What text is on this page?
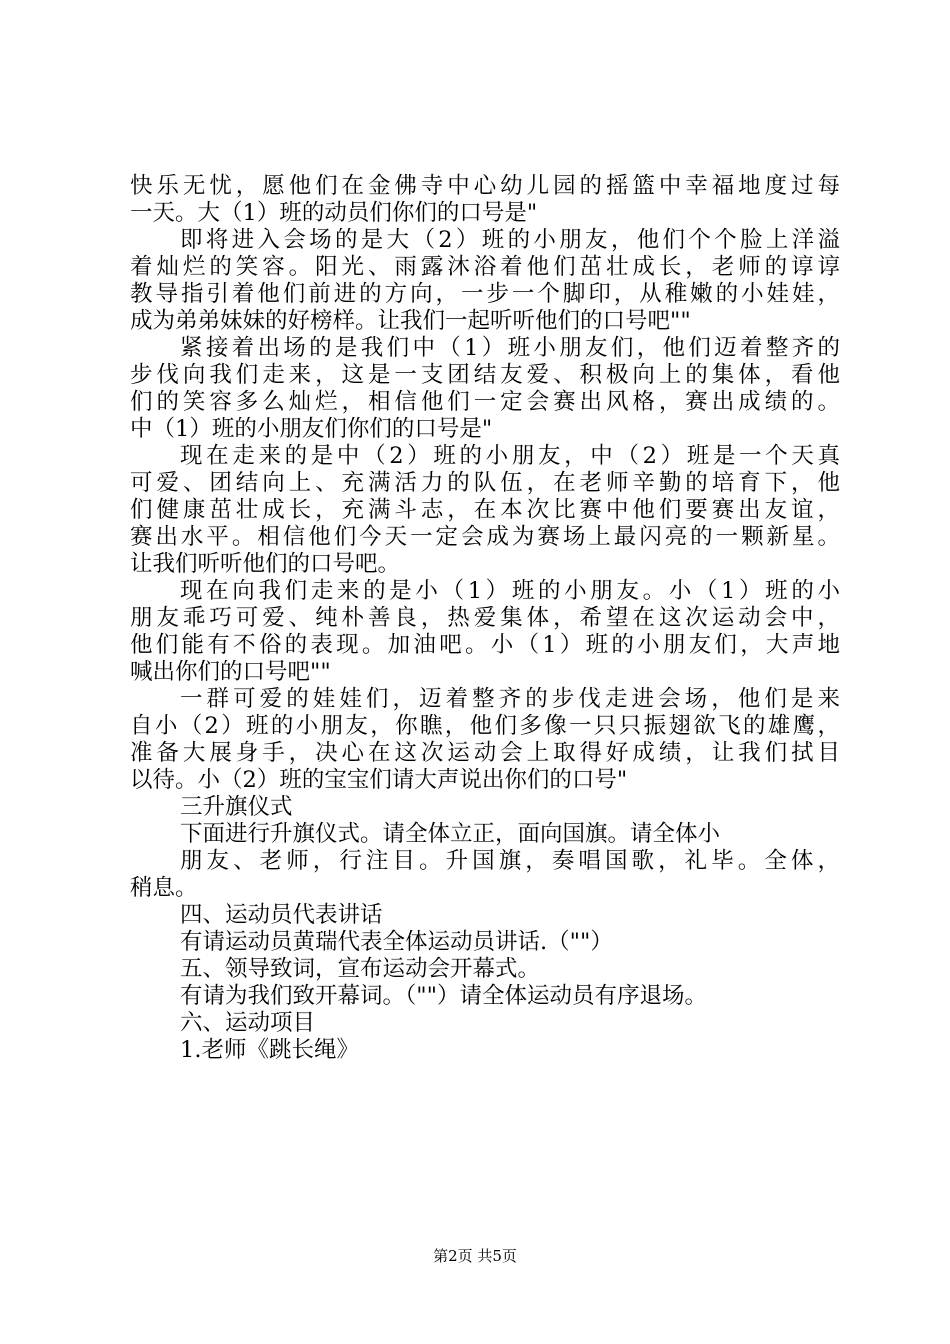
快乐无忧，愿他们在金佛寺中心幼儿园的摇篮中幸福地度过每
一天。大（1）班的动员们你们的口号是"
即将进入会场的是大（2）班的小朋友，他们个个脸上洋溢
着灿烂的笑容。阳光、雨露沐浴着他们茁壮成长，老师的谆谆
教导指引着他们前进的方向，一步一个脚印，从稚嫩的小娃娃，
成为弟弟妹妹的好榜样。让我们一起听听他们的口号吧""
紧接着出场的是我们中（1）班小朋友们，他们迈着整齐的
步伐向我们走来，这是一支团结友爱、积极向上的集体，看他
们的笑容多么灿烂，相信他们一定会赛出风格，赛出成绩的。
中（1）班的小朋友们你们的口号是"
现在走来的是中（2）班的小朋友，中（2）班是一个天真
可爱、团结向上、充满活力的队伍，在老师辛勤的培育下，他
们健康茁壮成长，充满斗志，在本次比赛中他们要赛出友谊，
赛出水平。相信他们今天一定会成为赛场上最闪亮的一颗新星。
让我们听听他们的口号吧。
现在向我们走来的是小（1）班的小朋友。小（1）班的小
朋友乖巧可爱、纯朴善良，热爱集体，希望在这次运动会中，
他们能有不俗的表现。加油吧。小（1）班的小朋友们，大声地
喊出你们的口号吧""
一群可爱的娃娃们，迈着整齐的步伐走进会场，他们是来
自小（2）班的小朋友，你瞧，他们多像一只只振翅欲飞的雄鹰，
准备大展身手，决心在这次运动会上取得好成绩，让我们拭目
以待。小（2）班的宝宝们请大声说出你们的口号"
三升旗仪式
下面进行升旗仪式。请全体立正，面向国旗。请全体小
朋友、老师，行注目。升国旗，奏唱国歌，礼毕。全体，
稍息。
四、运动员代表讲话
有请运动员黄瑞代表全体运动员讲话.（""）
五、领导致词，宣布运动会开幕式。
有请为我们致开幕词。（""）请全体运动员有序退场。
六、运动项目
1.老师《跳长绳》
第2页 共5页
